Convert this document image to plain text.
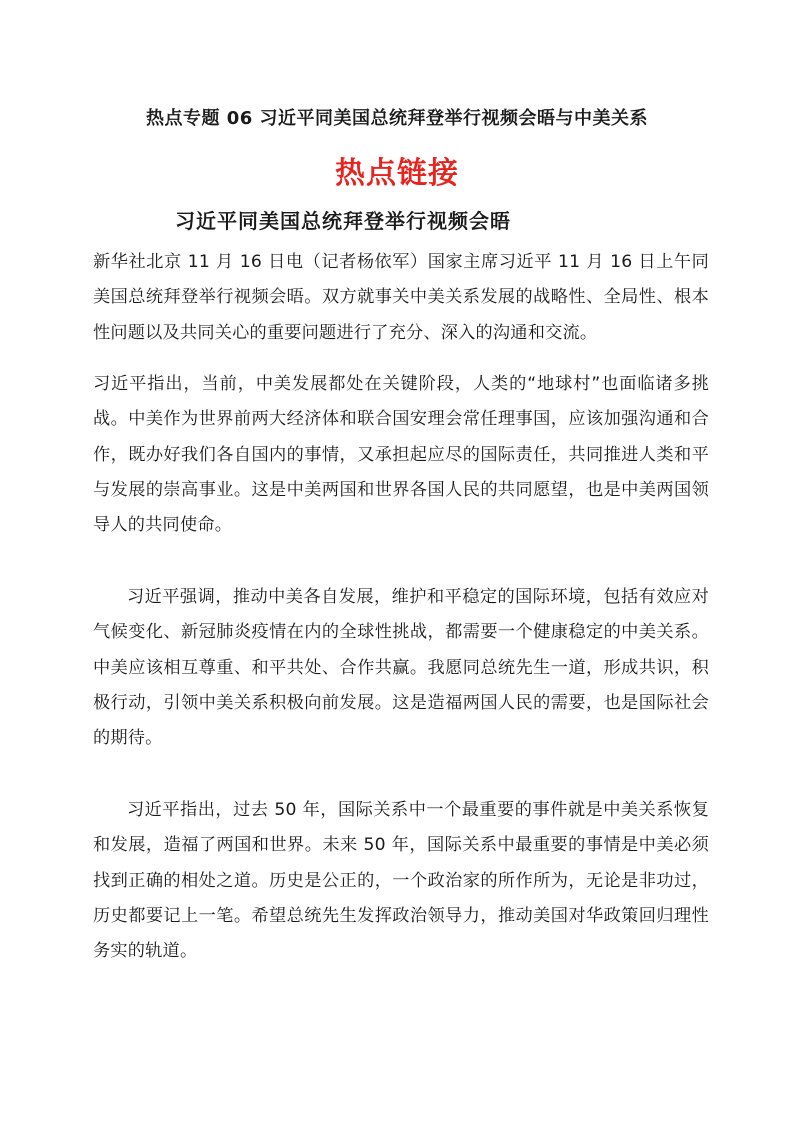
热点专题 06 习近平同美国总统拜登举行视频会晤与中美关系
热点链接
习近平同美国总统拜登举行视频会晤
新华社北京 11 月 16 日电（记者杨依军）国家主席习近平 11 月 16 日上午同美国总统拜登举行视频会晤。双方就事关中美关系发展的战略性、全局性、根本性问题以及共同关心的重要问题进行了充分、深入的沟通和交流。
习近平指出，当前，中美发展都处在关键阶段，人类的“地球村”也面临诸多挑战。中美作为世界前两大经济体和联合国安理会常任理事国，应该加强沟通和合作，既办好我们各自国内的事情，又承担起应尽的国际责任，共同推进人类和平与发展的崇高事业。这是中美两国和世界各国人民的共同愿望，也是中美两国领导人的共同使命。
习近平强调，推动中美各自发展，维护和平稳定的国际环境，包括有效应对气候变化、新冠肺炎疫情在内的全球性挑战，都需要一个健康稳定的中美关系。中美应该相互尊重、和平共处、合作共赢。我愿同总统先生一道，形成共识，积极行动，引领中美关系积极向前发展。这是造福两国人民的需要，也是国际社会的期待。
习近平指出，过去 50 年，国际关系中一个最重要的事件就是中美关系恢复和发展，造福了两国和世界。未来 50 年，国际关系中最重要的事情是中美必须找到正确的相处之道。历史是公正的，一个政治家的所作所为，无论是非功过，历史都要记上一笔。希望总统先生发挥政治领导力，推动美国对华政策回归理性务实的轨道。
